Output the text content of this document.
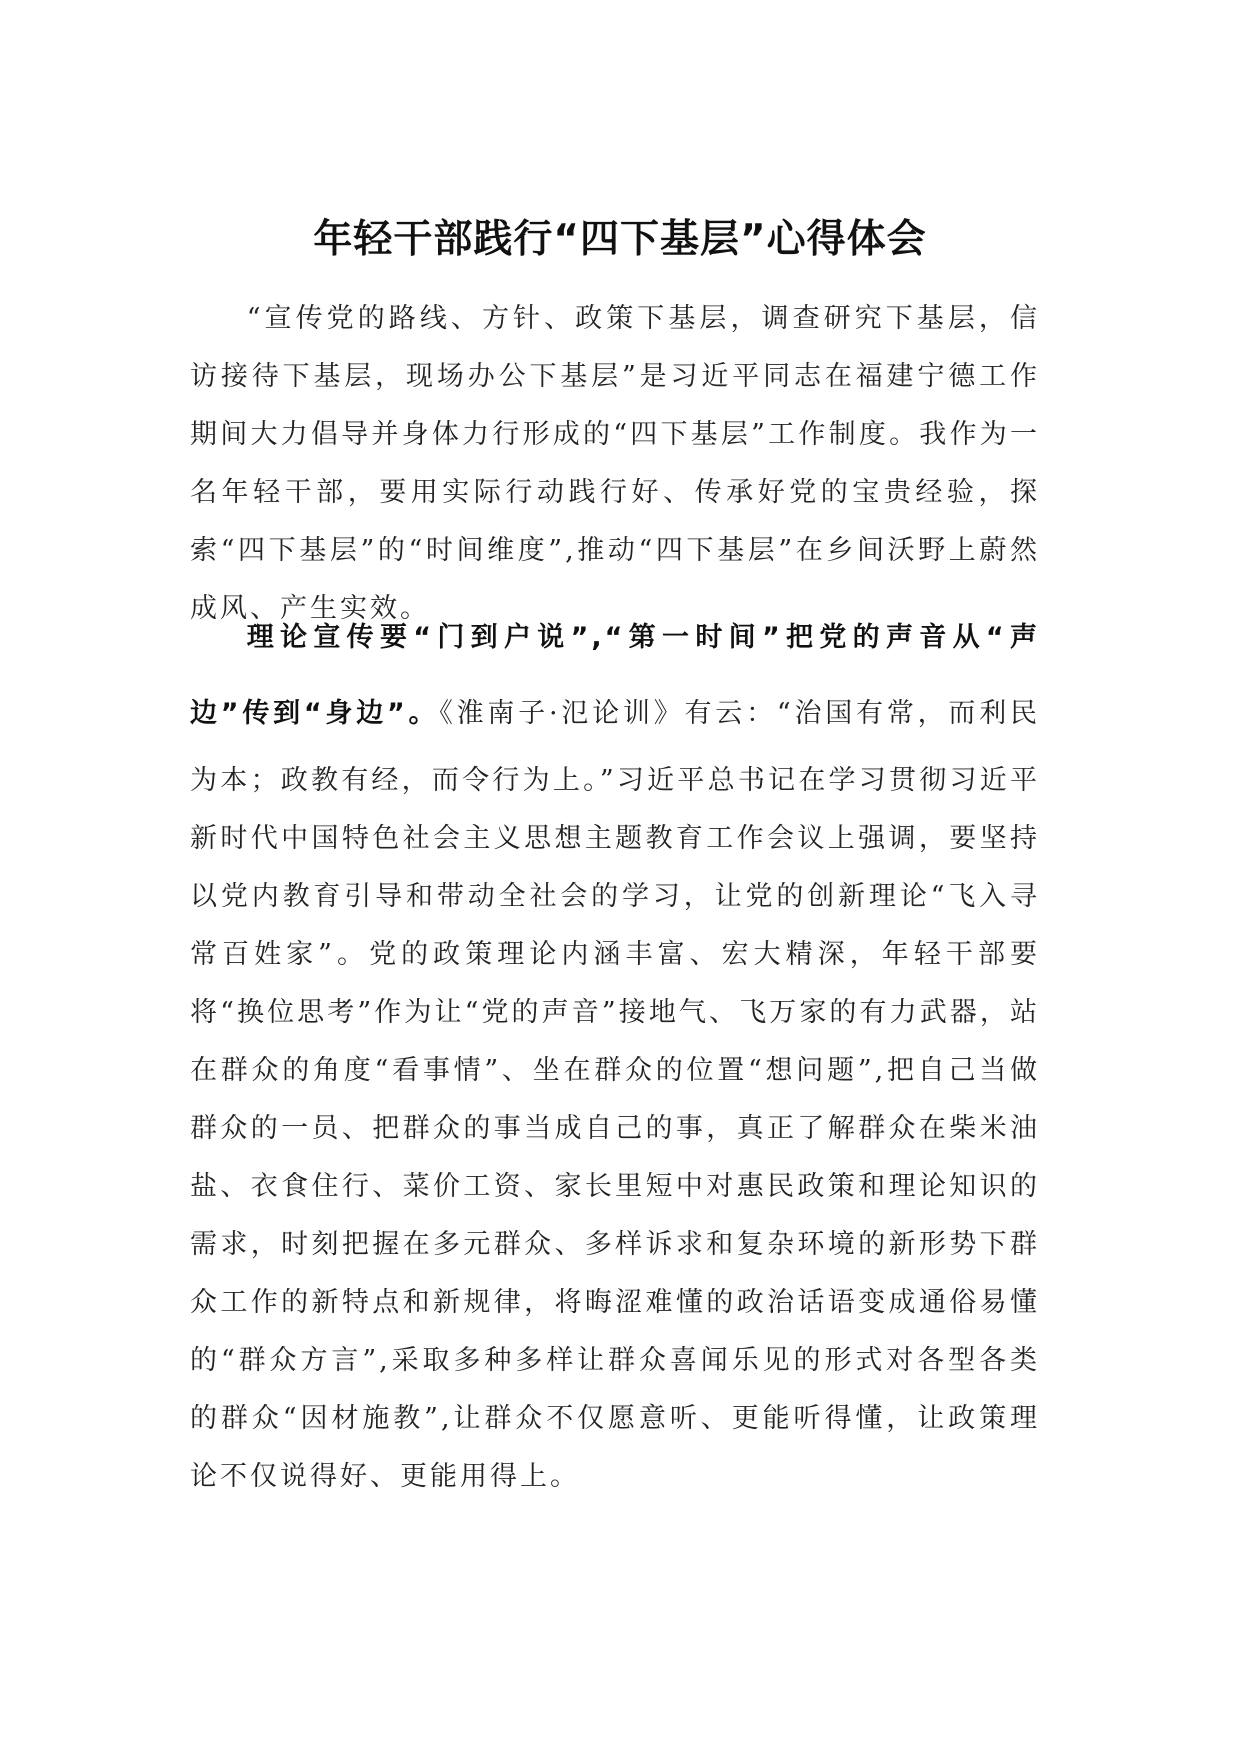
年轻干部践行“四下基层”心得体会

“宣传党的路线、方针、政策下基层，调查研究下基层，信访接待下基层，现场办公下基层”是习近平同志在福建宁德工作期间大力倡导并身体力行形成的“四下基层”工作制度。我作为一名年轻干部，要用实际行动践行好、传承好党的宝贵经验，探索“四下基层”的“时间维度”,推动“四下基层”在乡间沃野上蔚然成风、产生实效。

理论宣传要“门到户说”,“第一时间”把党的声音从“声边”传到“身边”。《淮南子·氾论训》有云：“治国有常，而利民为本；政教有经，而令行为上。”习近平总书记在学习贯彻习近平新时代中国特色社会主义思想主题教育工作会议上强调，要坚持以党内教育引导和带动全社会的学习，让党的创新理论“飞入寻常百姓家”。党的政策理论内涵丰富、宏大精深，年轻干部要将“换位思考”作为让“党的声音”接地气、飞万家的有力武器，站在群众的角度“看事情”、坐在群众的位置“想问题”,把自己当做群众的一员、把群众的事当成自己的事，真正了解群众在柴米油盐、衣食住行、菜价工资、家长里短中对惠民政策和理论知识的需求，时刻把握在多元群众、多样诉求和复杂环境的新形势下群众工作的新特点和新规律，将晦涩难懂的政治话语变成通俗易懂的“群众方言”,采取多种多样让群众喜闻乐见的形式对各型各类的群众“因材施教”,让群众不仅愿意听、更能听得懂，让政策理论不仅说得好、更能用得上。
